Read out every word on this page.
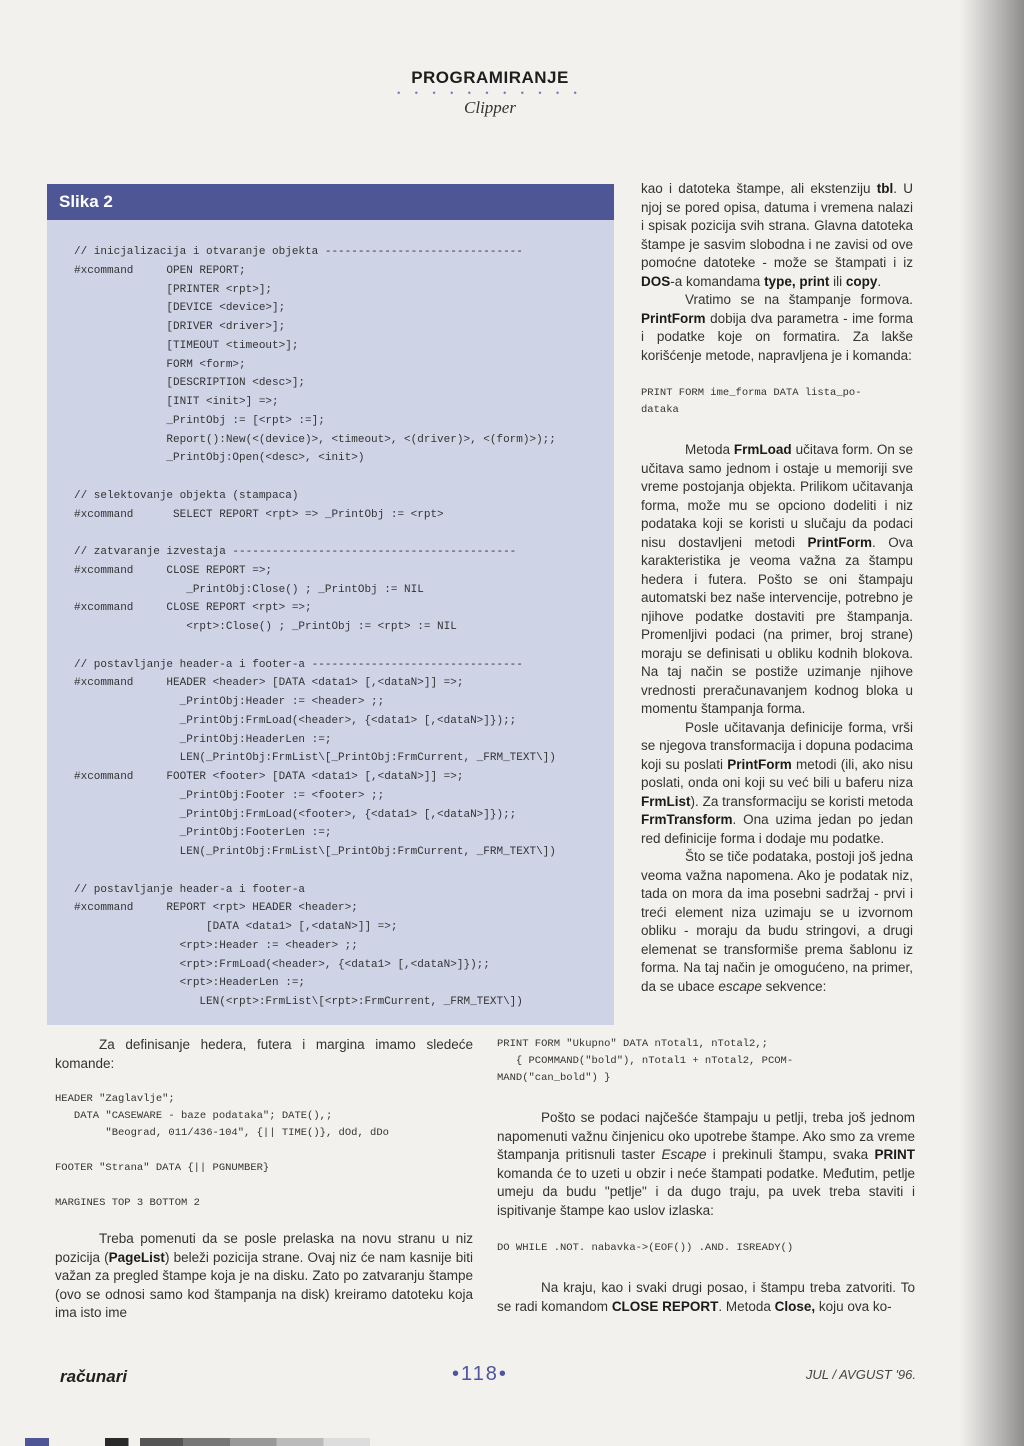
PROGRAMIRANJE
• • • • • • • • • • •
Clipper
Slika 2
// inicjalizacija i otvaranje objekta ------------------------------
#xcommand     OPEN REPORT;
[PRINTER <rpt>];
[DEVICE <device>];
[DRIVER <driver>];
[TIMEOUT <timeout>];
FORM <form>;
[DESCRIPTION <desc>];
[INIT <init>] =>;
_PrintObj := [<rpt> :=];
Report():New(<(device)>, <timeout>, <(driver)>, <(form)>);;
_PrintObj:Open(<desc>, <init>)

// selektovanje objekta (stampaca)
#xcommand      SELECT REPORT <rpt> => _PrintObj := <rpt>

// zatvaranje izvestaja -------------------------------------------
#xcommand     CLOSE REPORT =>;
_PrintObj:Close() ; _PrintObj := NIL
#xcommand     CLOSE REPORT <rpt> =>;
<rpt>:Close() ; _PrintObj := <rpt> := NIL

// postavljanje header-a i footer-a --------------------------------
#xcommand     HEADER <header> [DATA <data1> [,<dataN>]] =>;
_PrintObj:Header := <header> ;;
_PrintObj:FrmLoad(<header>, {<data1> [,<dataN>]});;
_PrintObj:HeaderLen :=;
LEN(_PrintObj:FrmList\[_PrintObj:FrmCurrent, _FRM_TEXT\])
#xcommand     FOOTER <footer> [DATA <data1> [,<dataN>]] =>;
_PrintObj:Footer := <footer> ;;
_PrintObj:FrmLoad(<footer>, {<data1> [,<dataN>]});;
_PrintObj:FooterLen :=;
LEN(_PrintObj:FrmList\[_PrintObj:FrmCurrent, _FRM_TEXT\])

// postavljanje header-a i footer-a
#xcommand     REPORT <rpt> HEADER <header>;
[DATA <data1> [,<dataN>]] =>;
<rpt>:Header := <header> ;;
<rpt>:FrmLoad(<header>, {<data1> [,<dataN>]});;
<rpt>:HeaderLen :=;
LEN(<rpt>:FrmList\[<rpt>:FrmCurrent, _FRM_TEXT\])

kao i datoteka štampe, ali ekstenziju tbl. U njoj se pored opisa, datuma i vremena nalazi i spisak pozicija svih strana. Glavna datoteka štampe je sasvim slobodna i ne zavisi od ove pomoćne datoteke - može se štampati i iz DOS-a komandama type, print ili copy.

Vratimo se na štampanje formova. PrintForm dobija dva parametra - ime forma i podatke koje on formatira. Za lakše korišćenje metode, napravljena je i komanda:

PRINT FORM ime_forma DATA lista_po-
dataka

Metoda FrmLoad učitava form. On se učitava samo jednom i ostaje u memoriji sve vreme postojanja objekta. Prilikom učitavanja forma, može mu se opciono dodeliti i niz podataka koji se koristi u slučaju da podaci nisu dostavljeni metodi PrintForm. Ova karakteristika je veoma važna za štampu hedera i futera. Pošto se oni štampaju automatski bez naše intervencije, potrebno je njihove podatke dostaviti pre štampanja. Promenljivi podaci (na primer, broj strane) moraju se definisati u obliku kodnih blokova. Na taj način se postiže uzimanje njihove vrednosti preračunavanjem kodnog bloka u momentu štampanja forma.

Posle učitavanja definicije forma, vrši se njegova transformacija i dopuna podacima koji su poslati PrintForm metodi (ili, ako nisu poslati, onda oni koji su već bili u baferu niza FrmList). Za transformaciju se koristi metoda FrmTransform. Ona uzima jedan po jedan red definicije forma i dodaje mu podatke.

Što se tiče podataka, postoji još jedna veoma važna napomena. Ako je podatak niz, tada on mora da ima posebni sadržaj - prvi i treći element niza uzimaju se u izvornom obliku - moraju da budu stringovi, a drugi elemenat se transformiše prema šablonu iz forma. Na taj način je omogućeno, na primer, da se ubace escape sekvence:

Za definisanje hedera, futera i margina imamo sledeće komande:

HEADER "Zaglavlje";
DATA "CASEWARE - baze podataka"; DATE(),;
"Beograd, 011/436-104", {|| TIME()}, dOd, dDo
FOOTER "Strana" DATA {|| PGNUMBER}
MARGINES TOP 3 BOTTOM 2

Treba pomenuti da se posle prelaska na novu stranu u niz pozicija (PageList) beleži pozicija strane. Ovaj niz će nam kasnije biti važan za pregled štampe koja je na disku. Zato po zatvaranju štampe (ovo se odnosi samo kod štampanja na disk) kreiramo datoteku koja ima isto ime

PRINT FORM "Ukupno" DATA nTotal1, nTotal2,;
{ PCOMMAND("bold"), nTotal1 + nTotal2, PCOM-
MAND("can_bold") }

Pošto se podaci najčešće štampaju u petlji, treba još jednom napomenuti važnu činjenicu oko upotrebe štampe. Ako smo za vreme štampanja pritisnuli taster Escape i prekinuli štampu, svaka PRINT komanda će to uzeti u obzir i neće štampati podatke. Međutim, petlje umeju da budu "petlje" i da dugo traju, pa uvek treba staviti i ispitivanje štampe kao uslov izlaska:

DO WHILE .NOT. nabavka->(EOF()) .AND. ISREADY()

Na kraju, kao i svaki drugi posao, i štampu treba zatvoriti. To se radi komandom CLOSE REPORT. Metoda Close, koju ova ko-

računari	•118•	JUL / AVGUST '96.
